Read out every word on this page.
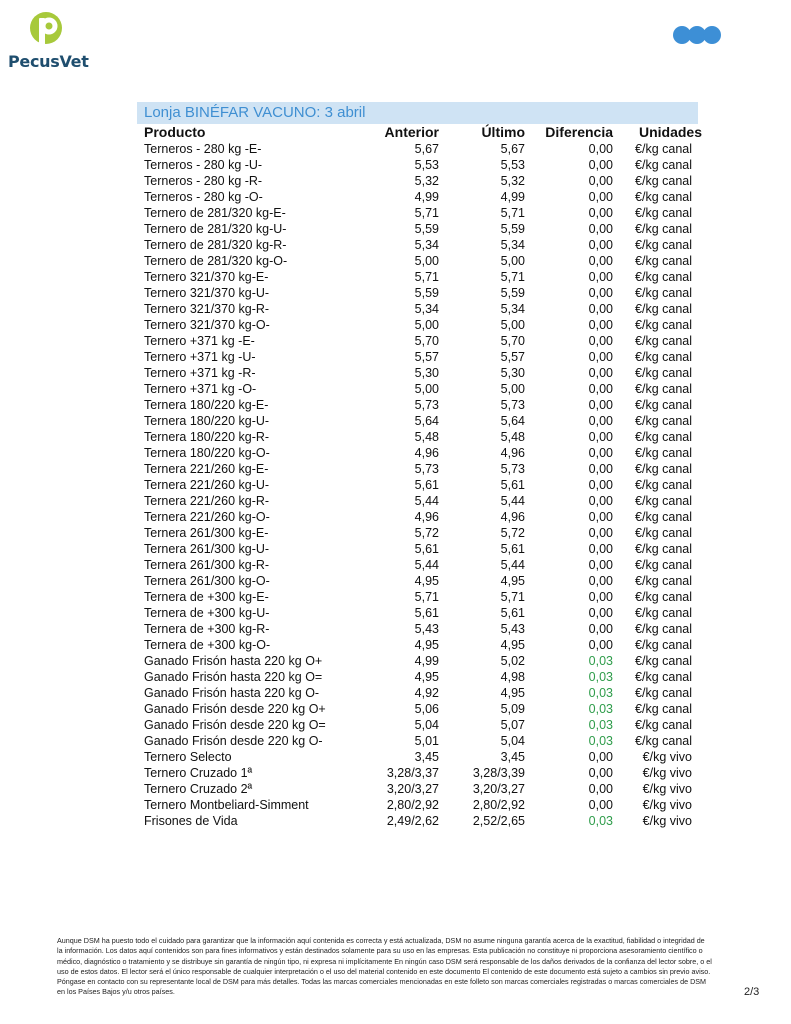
PecusVet
Lonja BINÉFAR VACUNO: 3 abril
Producto	Anterior	Último	Diferencia	Unidades
Terneros - 280 kg -E-	5,67	5,67	0,00	€/kg canal
Terneros - 280 kg -U-	5,53	5,53	0,00	€/kg canal
Terneros - 280 kg -R-	5,32	5,32	0,00	€/kg canal
Terneros - 280 kg -O-	4,99	4,99	0,00	€/kg canal
Ternero de 281/320 kg-E-	5,71	5,71	0,00	€/kg canal
Ternero de 281/320 kg-U-	5,59	5,59	0,00	€/kg canal
Ternero de 281/320 kg-R-	5,34	5,34	0,00	€/kg canal
Ternero de 281/320 kg-O-	5,00	5,00	0,00	€/kg canal
Ternero 321/370 kg-E-	5,71	5,71	0,00	€/kg canal
Ternero 321/370 kg-U-	5,59	5,59	0,00	€/kg canal
Ternero 321/370 kg-R-	5,34	5,34	0,00	€/kg canal
Ternero 321/370 kg-O-	5,00	5,00	0,00	€/kg canal
Ternero +371 kg -E-	5,70	5,70	0,00	€/kg canal
Ternero +371 kg -U-	5,57	5,57	0,00	€/kg canal
Ternero +371 kg -R-	5,30	5,30	0,00	€/kg canal
Ternero +371 kg -O-	5,00	5,00	0,00	€/kg canal
Ternera 180/220 kg-E-	5,73	5,73	0,00	€/kg canal
Ternera 180/220 kg-U-	5,64	5,64	0,00	€/kg canal
Ternera 180/220 kg-R-	5,48	5,48	0,00	€/kg canal
Ternera 180/220 kg-O-	4,96	4,96	0,00	€/kg canal
Ternera 221/260 kg-E-	5,73	5,73	0,00	€/kg canal
Ternera 221/260 kg-U-	5,61	5,61	0,00	€/kg canal
Ternera 221/260 kg-R-	5,44	5,44	0,00	€/kg canal
Ternera 221/260 kg-O-	4,96	4,96	0,00	€/kg canal
Ternera 261/300 kg-E-	5,72	5,72	0,00	€/kg canal
Ternera 261/300 kg-U-	5,61	5,61	0,00	€/kg canal
Ternera 261/300 kg-R-	5,44	5,44	0,00	€/kg canal
Ternera 261/300 kg-O-	4,95	4,95	0,00	€/kg canal
Ternera de +300 kg-E-	5,71	5,71	0,00	€/kg canal
Ternera de +300 kg-U-	5,61	5,61	0,00	€/kg canal
Ternera de +300 kg-R-	5,43	5,43	0,00	€/kg canal
Ternera de +300 kg-O-	4,95	4,95	0,00	€/kg canal
Ganado Frisón hasta 220 kg O+	4,99	5,02	0,03	€/kg canal
Ganado Frisón hasta 220 kg O=	4,95	4,98	0,03	€/kg canal
Ganado Frisón hasta 220 kg O-	4,92	4,95	0,03	€/kg canal
Ganado Frisón desde 220 kg O+	5,06	5,09	0,03	€/kg canal
Ganado Frisón desde 220 kg O=	5,04	5,07	0,03	€/kg canal
Ganado Frisón desde 220 kg O-	5,01	5,04	0,03	€/kg canal
Ternero Selecto	3,45	3,45	0,00	€/kg vivo
Ternero Cruzado 1ª	3,28/3,37	3,28/3,39	0,00	€/kg vivo
Ternero Cruzado 2ª	3,20/3,27	3,20/3,27	0,00	€/kg vivo
Ternero Montbeliard-Simment	2,80/2,92	2,80/2,92	0,00	€/kg vivo
Frisones de Vida	2,49/2,62	2,52/2,65	0,03	€/kg vivo
Aunque DSM ha puesto todo el cuidado para garantizar que la información aquí contenida es correcta y está actualizada, DSM no asume ninguna garantía acerca de la exactitud, fiabilidad o integridad de la información. Los datos aquí contenidos son para fines informativos y están destinados solamente para su uso en las empresas. Esta publicación no constituye ni proporciona asesoramiento científico o médico, diagnóstico o tratamiento y se distribuye sin garantía de ningún tipo, ni expresa ni implícitamente En ningún caso DSM será responsable de los daños derivados de la confianza del lector sobre, o el uso de estos datos. El lector será el único responsable de cualquier interpretación o el uso del material contenido en este documento El contenido de este documento está sujeto a cambios sin previo aviso. Póngase en contacto con su representante local de DSM para más detalles. Todas las marcas comerciales mencionadas en este folleto son marcas comerciales registradas o marcas comerciales de DSM en los Países Bajos y/u otros países.	2/3
